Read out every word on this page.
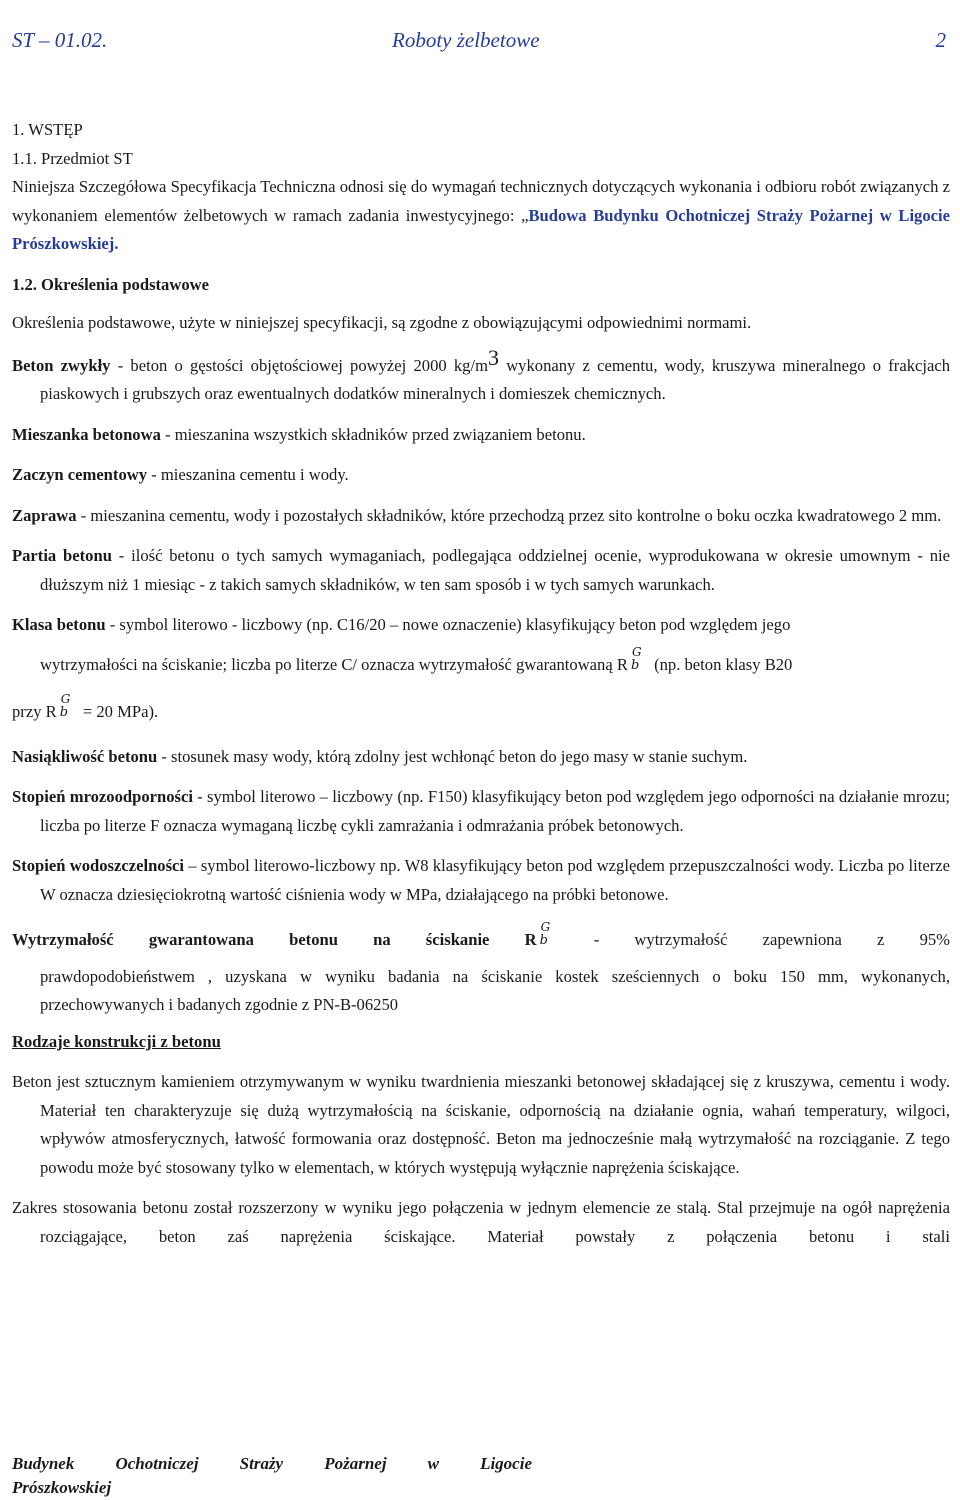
ST – 01.02.	Roboty żelbetowe	2

1. WSTĘP

1.1. Przedmiot ST

Niniejsza Szczegółowa Specyfikacja Techniczna odnosi się do wymagań technicznych dotyczących wykonania i odbioru robót związanych z wykonaniem elementów żelbetowych w ramach zadania inwestycyjnego: „Budowa Budynku Ochotniczej Straży Pożarnej w Ligocie Prószkowskiej.

1.2. Określenia podstawowe

Określenia podstawowe, użyte w niniejszej specyfikacji, są zgodne z obowiązującymi odpowiednimi normami.

Beton zwykły - beton o gęstości objętościowej powyżej 2000 kg/m3 wykonany z cementu, wody, kruszywa mineralnego o frakcjach piaskowych i grubszych oraz ewentualnych dodatków mineralnych i domieszek chemicznych.

Mieszanka betonowa - mieszanina wszystkich składników przed związaniem betonu.

Zaczyn cementowy - mieszanina cementu i wody.

Zaprawa - mieszanina cementu, wody i pozostałych składników, które przechodzą przez sito kontrolne o boku oczka kwadratowego 2 mm.

Partia betonu - ilość betonu o tych samych wymaganiach, podlegająca oddzielnej ocenie, wyprodukowana w okresie umownym - nie dłuższym niż 1 miesiąc - z takich samych składników, w ten sam sposób i w tych samych warunkach.

Klasa betonu - symbol literowo - liczbowy (np. C16/20 – nowe oznaczenie) klasyfikujący beton pod względem jego

wytrzymałości na ściskanie; liczba po literze C/ oznacza wytrzymałość gwarantowaną R
G
b (np. beton klasy B20

przy R
G
b = 20 MPa).

Nasiąkliwość betonu - stosunek masy wody, którą zdolny jest wchłonąć beton do jego masy w stanie suchym.

Stopień mrozoodporności - symbol literowo – liczbowy (np. F150) klasyfikujący beton pod względem jego odporności na działanie mrozu; liczba po literze F oznacza wymaganą liczbę cykli zamrażania i odmrażania próbek betonowych.

Stopień wodoszczelności – symbol literowo-liczbowy np. W8 klasyfikujący beton pod względem przepuszczalności wody. Liczba po literze W oznacza dziesięciokrotną wartość ciśnienia wody w MPa, działającego na próbki betonowe.

Wytrzymałość gwarantowana betonu na ściskanie R
G
b - wytrzymałość zapewniona z 95%

prawdopodobieństwem , uzyskana w wyniku badania na ściskanie kostek sześciennych o boku 150 mm, wykonanych, przechowywanych i badanych zgodnie z PN-B-06250

Rodzaje konstrukcji z betonu

Beton jest sztucznym kamieniem otrzymywanym w wyniku twardnienia mieszanki betonowej składającej się z kruszywa, cementu i wody. Materiał ten charakteryzuje się dużą wytrzymałością na ściskanie, odpornością na działanie ognia, wahań temperatury, wilgoci, wpływów atmosferycznych, łatwość formowania oraz dostępność. Beton ma jednocześnie małą wytrzymałość na rozciąganie. Z tego powodu może być stosowany tylko w elementach, w których występują wyłącznie naprężenia ściskające.

Zakres stosowania betonu został rozszerzony w wyniku jego połączenia w jednym elemencie ze stalą. Stal przejmuje na ogół naprężenia rozciągające, beton zaś naprężenia ściskające. Materiał powstały z połączenia betonu i stali

Budynek Ochotniczej Straży Pożarnej w Ligocie
Prószkowskiej
